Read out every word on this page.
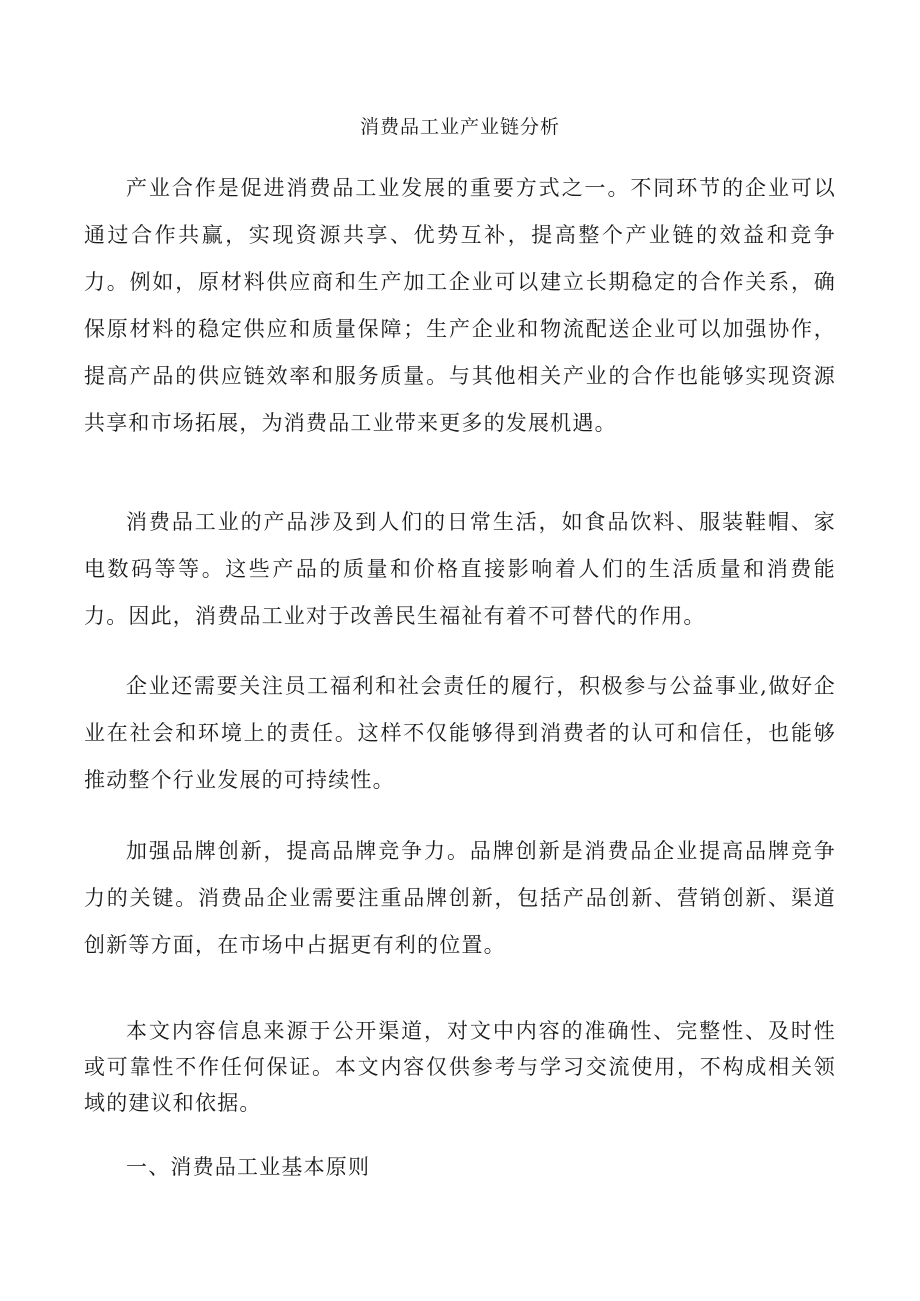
消费品工业产业链分析

产业合作是促进消费品工业发展的重要方式之一。不同环节的企业可以通过合作共赢，实现资源共享、优势互补，提高整个产业链的效益和竞争力。例如，原材料供应商和生产加工企业可以建立长期稳定的合作关系，确保原材料的稳定供应和质量保障；生产企业和物流配送企业可以加强协作，提高产品的供应链效率和服务质量。与其他相关产业的合作也能够实现资源共享和市场拓展，为消费品工业带来更多的发展机遇。

消费品工业的产品涉及到人们的日常生活，如食品饮料、服装鞋帽、家电数码等等。这些产品的质量和价格直接影响着人们的生活质量和消费能力。因此，消费品工业对于改善民生福祉有着不可替代的作用。

企业还需要关注员工福利和社会责任的履行，积极参与公益事业,做好企业在社会和环境上的责任。这样不仅能够得到消费者的认可和信任，也能够推动整个行业发展的可持续性。

加强品牌创新，提高品牌竞争力。品牌创新是消费品企业提高品牌竞争力的关键。消费品企业需要注重品牌创新，包括产品创新、营销创新、渠道创新等方面，在市场中占据更有利的位置。

本文内容信息来源于公开渠道，对文中内容的准确性、完整性、及时性或可靠性不作任何保证。本文内容仅供参考与学习交流使用，不构成相关领域的建议和依据。

一、消费品工业基本原则
